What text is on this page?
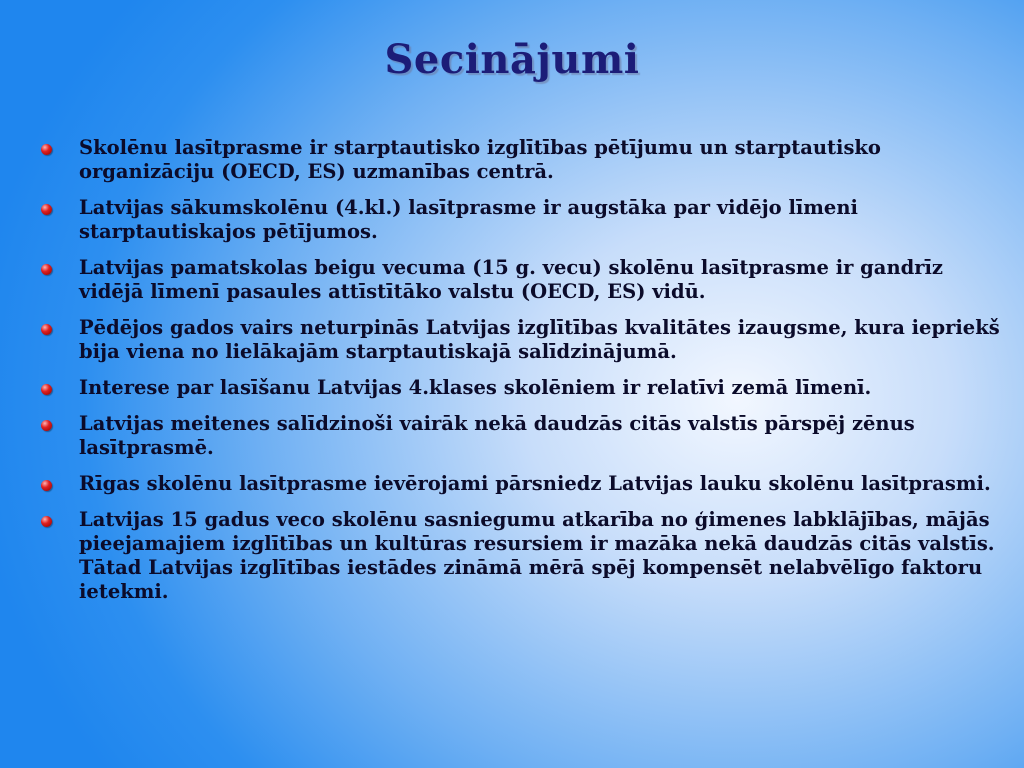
Secinājumi
Skolēnu lasītprasme ir starptautisko izglītības pētījumu un starptautisko organizāciju (OECD, ES) uzmanības centrā.
Latvijas sākumskolēnu (4.kl.) lasītprasme ir augstāka par vidējo līmeni starptautiskajos pētījumos.
Latvijas pamatskolas beigu vecuma (15 g. vecu) skolēnu lasītprasme ir gandrīz vidējā līmenī pasaules attīstītāko valstu (OECD, ES) vidū.
Pēdējos gados vairs neturpinās Latvijas izglītības kvalitātes izaugsme, kura iepriekš bija viena no lielākajām starptautiskajā salīdzinājumā.
Interese par lasīšanu Latvijas 4.klases skolēniem ir relatīvi zemā līmenī.
Latvijas meitenes salīdzinoši vairāk nekā daudzās citās valstīs pārspēj zēnus lasītprasmē.
Rīgas skolēnu lasītprasme ievērojami pārsniedz Latvijas lauku skolēnu lasītprasmi.
Latvijas 15 gadus veco skolēnu sasniegumu atkarība no ģimenes labklājības, mājās pieejamajiem izglītības un kultūras resursiem ir mazāka nekā daudzās citās valstīs. Tātad Latvijas izglītības iestādes zināmā mērā spēj kompensēt nelabvēlīgo faktoru ietekmi.
